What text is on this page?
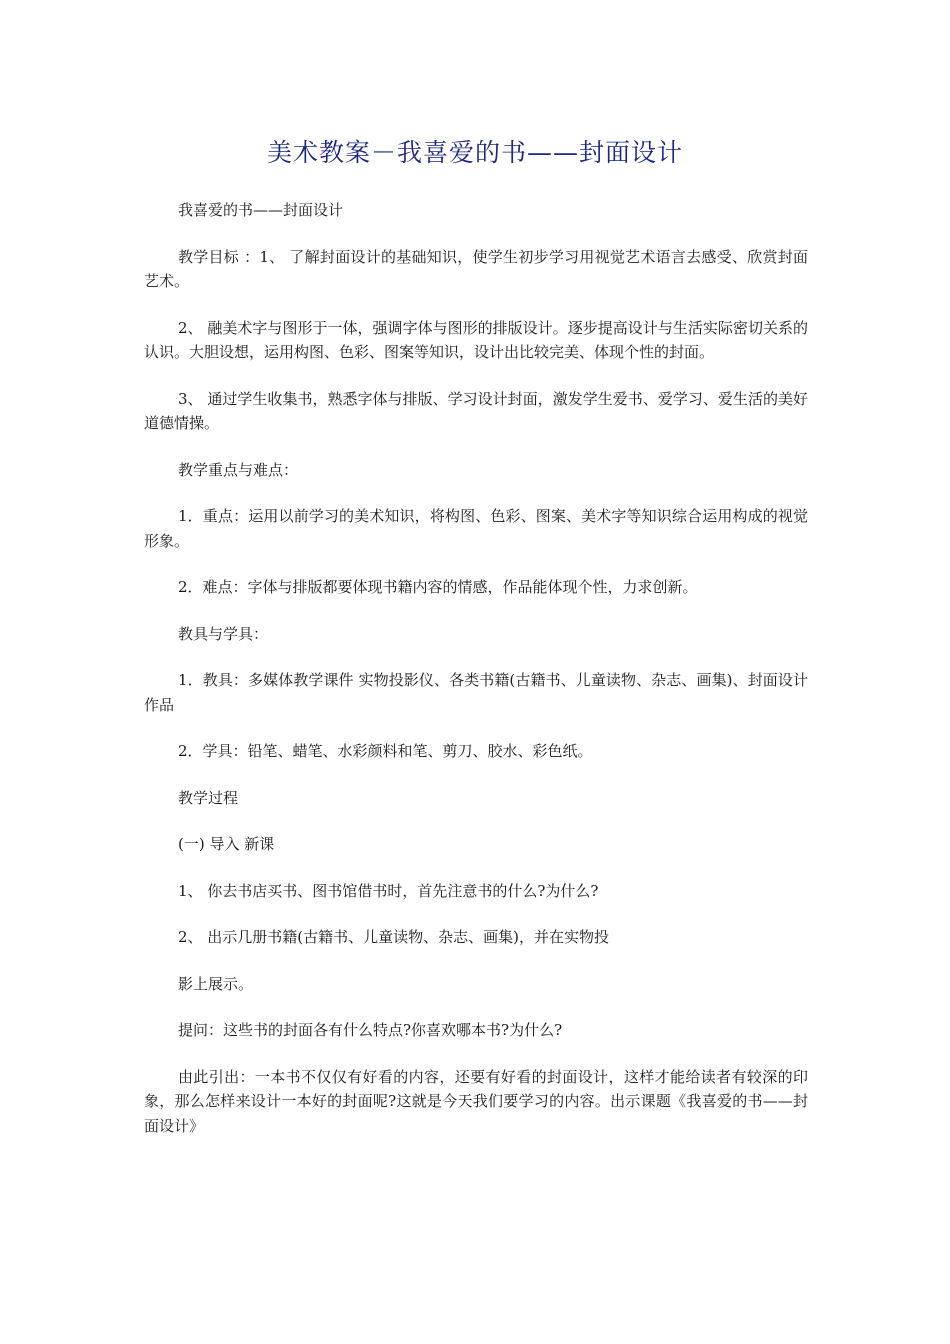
美术教案－我喜爱的书——封面设计

我喜爱的书——封面设计

教学目标 ：1、 了解封面设计的基础知识，使学生初步学习用视觉艺术语言去感受、欣赏封面艺术。

2、 融美术字与图形于一体，强调字体与图形的排版设计。逐步提高设计与生活实际密切关系的认识。大胆设想，运用构图、色彩、图案等知识，设计出比较完美、体现个性的封面。

3、 通过学生收集书，熟悉字体与排版、学习设计封面，激发学生爱书、爱学习、爱生活的美好道德情操。

教学重点与难点：

1．重点：运用以前学习的美术知识，将构图、色彩、图案、美术字等知识综合运用构成的视觉形象。

2．难点：字体与排版都要体现书籍内容的情感，作品能体现个性，力求创新。

教具与学具：

1．教具：多媒体教学课件 实物投影仪、各类书籍(古籍书、儿童读物、杂志、画集)、封面设计作品

2．学具：铅笔、蜡笔、水彩颜料和笔、剪刀、胶水、彩色纸。

教学过程

(一) 导入 新课

1、 你去书店买书、图书馆借书时，首先注意书的什么?为什么?

2、 出示几册书籍(古籍书、儿童读物、杂志、画集)，并在实物投

影上展示。

提问：这些书的封面各有什么特点?你喜欢哪本书?为什么?

由此引出：一本书不仅仅有好看的内容，还要有好看的封面设计，这样才能给读者有较深的印象，那么怎样来设计一本好的封面呢?这就是今天我们要学习的内容。出示课题《我喜爱的书——封面设计》
